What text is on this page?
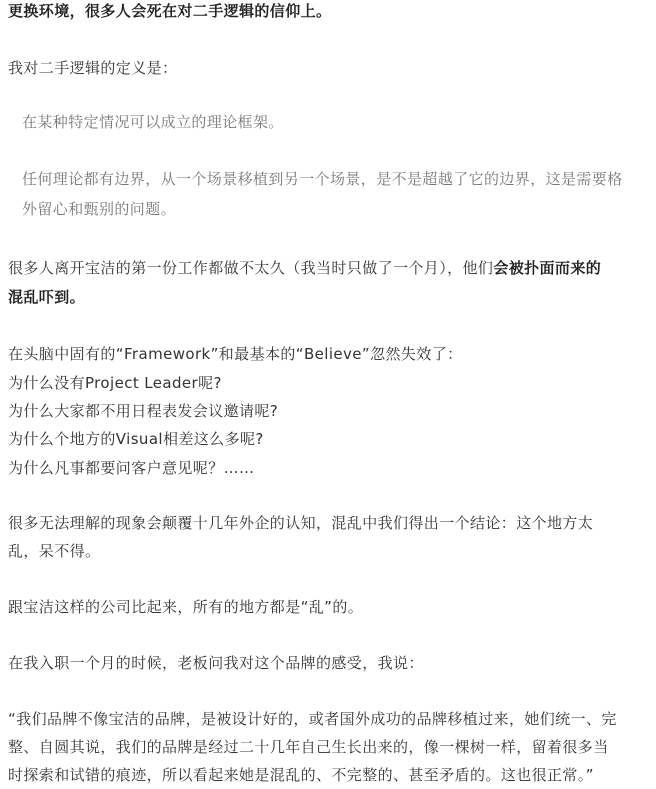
更换环境，很多人会死在对二手逻辑的信仰上。
我对二手逻辑的定义是：
在某种特定情况可以成立的理论框架。
任何理论都有边界，从一个场景移植到另一个场景，是不是超越了它的边界，这是需要格
外留心和甄别的问题。
很多人离开宝洁的第一份工作都做不太久（我当时只做了一个月），他们会被扑面而来的
混乱吓到。
在头脑中固有的“Framework”和最基本的“Believe”忽然失效了：
为什么没有Project Leader呢?
为什么大家都不用日程表发会议邀请呢?
为什么个地方的Visual相差这么多呢?
为什么凡事都要问客户意见呢？……
很多无法理解的现象会颠覆十几年外企的认知，混乱中我们得出一个结论：这个地方太
乱，呆不得。
跟宝洁这样的公司比起来，所有的地方都是“乱”的。
在我入职一个月的时候，老板问我对这个品牌的感受，我说：
“我们品牌不像宝洁的品牌，是被设计好的，或者国外成功的品牌移植过来，她们统一、完
整、自圆其说，我们的品牌是经过二十几年自己生长出来的，像一棵树一样，留着很多当
时探索和试错的痕迹，所以看起来她是混乱的、不完整的、甚至矛盾的。这也很正常。”
